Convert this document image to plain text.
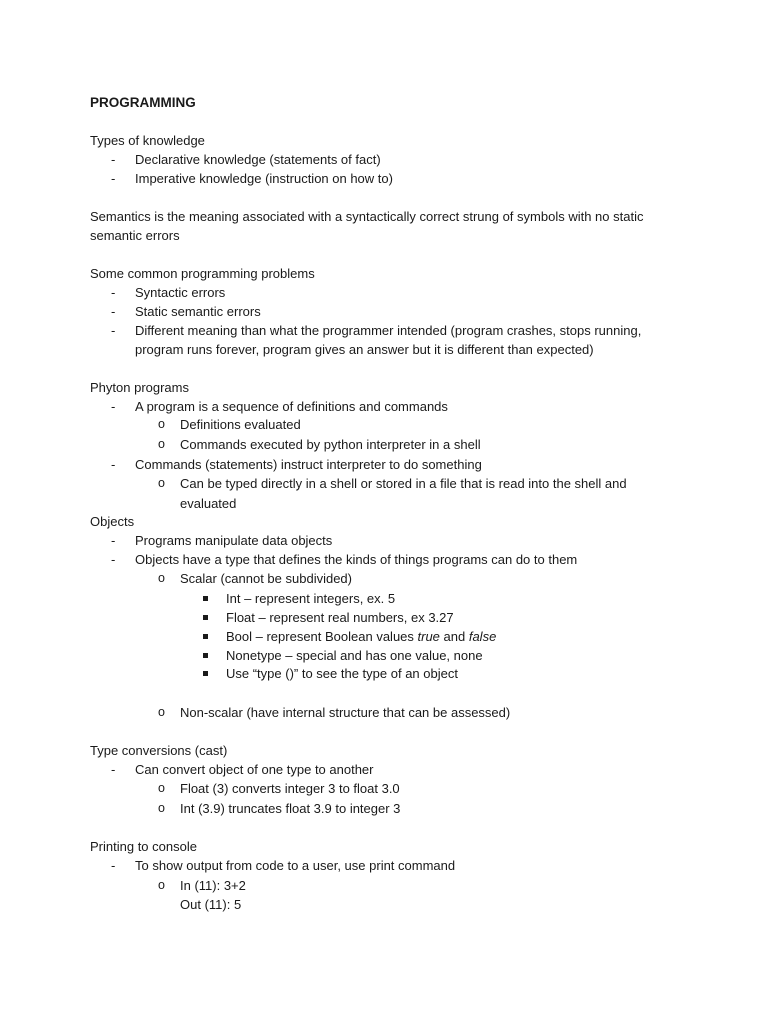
PROGRAMMING
Types of knowledge
- Declarative knowledge (statements of fact)
- Imperative knowledge (instruction on how to)
Semantics is the meaning associated with a syntactically correct strung of symbols with no static
semantic errors
Some common programming problems
- Syntactic errors
- Static semantic errors
- Different meaning than what the programmer intended (program crashes, stops running,
program runs forever, program gives an answer but it is different than expected)
Phyton programs
- A program is a sequence of definitions and commands
o Definitions evaluated
o Commands executed by python interpreter in a shell
- Commands (statements) instruct interpreter to do something
o Can be typed directly in a shell or stored in a file that is read into the shell and
evaluated
Objects
- Programs manipulate data objects
- Objects have a type that defines the kinds of things programs can do to them
o Scalar (cannot be subdivided)
Int – represent integers, ex. 5
Float – represent real numbers, ex 3.27
Bool – represent Boolean values true and false
Nonetype – special and has one value, none
Use “type ()” to see the type of an object
o Non-scalar (have internal structure that can be assessed)
Type conversions (cast)
- Can convert object of one type to another
o Float (3) converts integer 3 to float 3.0
o Int (3.9) truncates float 3.9 to integer 3
Printing to console
- To show output from code to a user, use print command
o In (11): 3+2
Out (11): 5
